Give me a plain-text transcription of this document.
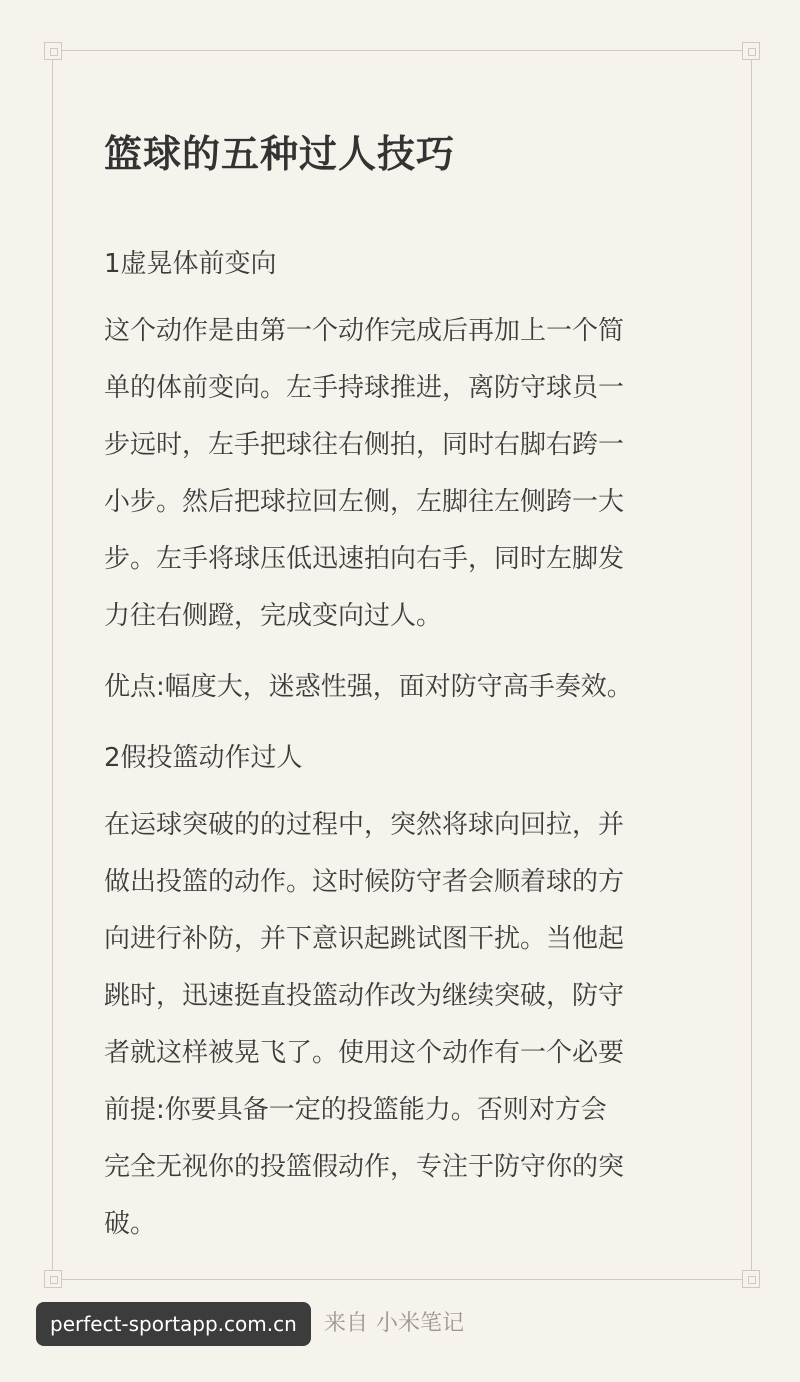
篮球的五种过人技巧

1虚晃体前变向

这个动作是由第一个动作完成后再加上一个简
单的体前变向。左手持球推进，离防守球员一
步远时，左手把球往右侧拍，同时右脚右跨一
小步。然后把球拉回左侧，左脚往左侧跨一大
步。左手将球压低迅速拍向右手，同时左脚发
力往右侧蹬，完成变向过人。

优点:幅度大，迷惑性强，面对防守高手奏效。

2假投篮动作过人

在运球突破的的过程中，突然将球向回拉，并
做出投篮的动作。这时候防守者会顺着球的方
向进行补防，并下意识起跳试图干扰。当他起
跳时，迅速挺直投篮动作改为继续突破，防守
者就这样被晃飞了。使用这个动作有一个必要
前提:你要具备一定的投篮能力。否则对方会
完全无视你的投篮假动作，专注于防守你的突
破。

perfect-sportapp.com.cn	来自 小米笔记
